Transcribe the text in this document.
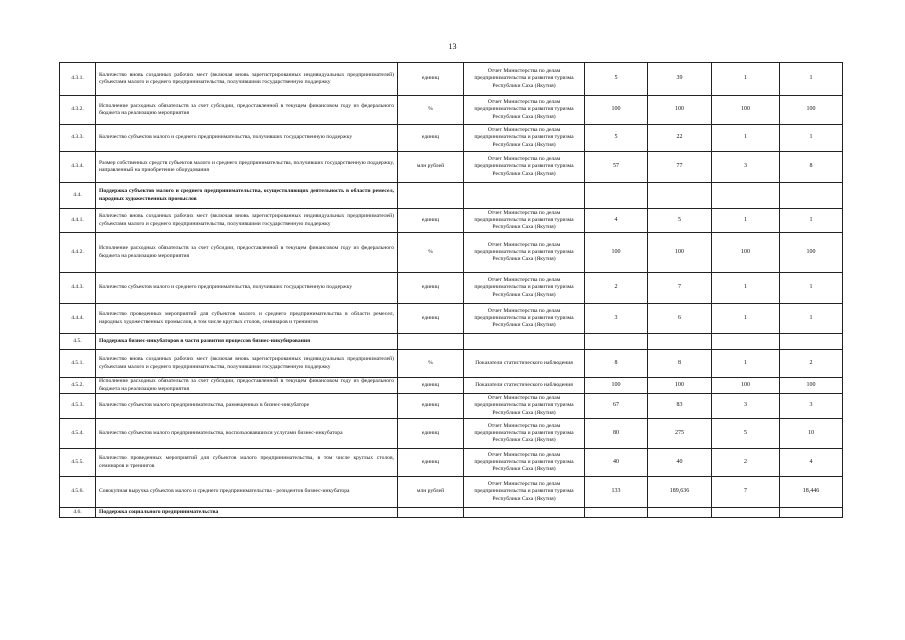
13
4.3.1.	Количество вновь созданных рабочих мест (включая вновь зарегистрированных индивидуальных предпринимателей) субъектами малого и среднего предпринимательства, получившими государственную поддержку	единиц	Отчет Министерства по делам предпринимательства и развития туризма Республики Саха (Якутия)	5	39	1	1
4.3.2.	Исполнение расходных обязательств за счет субсидии, предоставленной в текущем финансовом году из федерального бюджета на реализацию мероприятия	%	Отчет Министерства по делам предпринимательства и развития туризма Республики Саха (Якутия)	100	100	100	100
4.3.3.	Количество субъектов малого и среднего предпринимательства, получивших государственную поддержку	единиц	Отчет Министерства по делам предпринимательства и развития туризма Республики Саха (Якутия)	5	22	1	1
4.3.4.	Размер собственных средств субъектов малого и среднего предпринимательства, получивших государственную поддержку, направленный на приобретение оборудования	млн рублей	Отчет Министерства по делам предпринимательства и развития туризма Республики Саха (Якутия)	57	77	3	8
4.4.	Поддержка субъектов малого и среднего предпринимательства, осуществляющих деятельность в области ремесел, народных художественных промыслов						
4.4.1.	Количество вновь созданных рабочих мест (включая вновь зарегистрированных индивидуальных предпринимателей) субъектами малого и среднего предпринимательства, получившими государственную поддержку	единиц	Отчет Министерства по делам предпринимательства и развития туризма Республики Саха (Якутия)	4	5	1	1
4.4.2.	Исполнение расходных обязательств за счет субсидии, предоставленной в текущем финансовом году из федерального бюджета на реализацию мероприятия	%	Отчет Министерства по делам предпринимательства и развития туризма Республики Саха (Якутия)	100	100	100	100
4.4.3.	Количество субъектов малого и среднего предпринимательства, получивших государственную поддержку	единиц	Отчет Министерства по делам предпринимательства и развития туризма Республики Саха (Якутия)	2	7	1	1
4.4.4.	Количество проведенных мероприятий для субъектов малого и среднего предпринимательства в области ремесел, народных художественных промыслов, в том числе круглых столов, семинаров и тренингов	единиц	Отчет Министерства по делам предпринимательства и развития туризма Республики Саха (Якутия)	3	6	1	1
4.5.	Поддержка бизнес-инкубаторов в части развития процессов бизнес-инкубирования						
4.5.1.	Количество вновь созданных рабочих мест (включая вновь зарегистрированных индивидуальных предпринимателей) субъектами малого и среднего предпринимательства, получившими государственную поддержку	%	Показатели статистического наблюдения	8	8	1	2
4.5.2.	Исполнение расходных обязательств за счет субсидии, предоставленной в текущем финансовом году из федерального бюджета на реализацию мероприятия	единиц	Показатели статистического наблюдения	100	100	100	100
4.5.3.	Количество субъектов малого предпринимательства, размещенных в бизнес-инкубаторе	единиц	Отчет Министерства по делам предпринимательства и развития туризма Республики Саха (Якутия)	67	83	3	3
4.5.4.	Количество субъектов малого предпринимательства, воспользовавшихся услугами бизнес-инкубатора	единиц	Отчет Министерства по делам предпринимательства и развития туризма Республики Саха (Якутия)	80	275	5	10
4.5.5.	Количество проведенных мероприятий для субъектов малого предпринимательства, в том числе круглых столов, семинаров и тренингов	единиц	Отчет Министерства по делам предпринимательства и развития туризма Республики Саха (Якутия)	40	40	2	4
4.5.6.	Совокупная выручка субъектов малого и среднего предпринимательства - резидентов бизнес-инкубатора	млн рублей	Отчет Министерства по делам предпринимательства и развития туризма Республики Саха (Якутия)	133	189,636	7	18,446
4.6.	Поддержка социального предпринимательства						
